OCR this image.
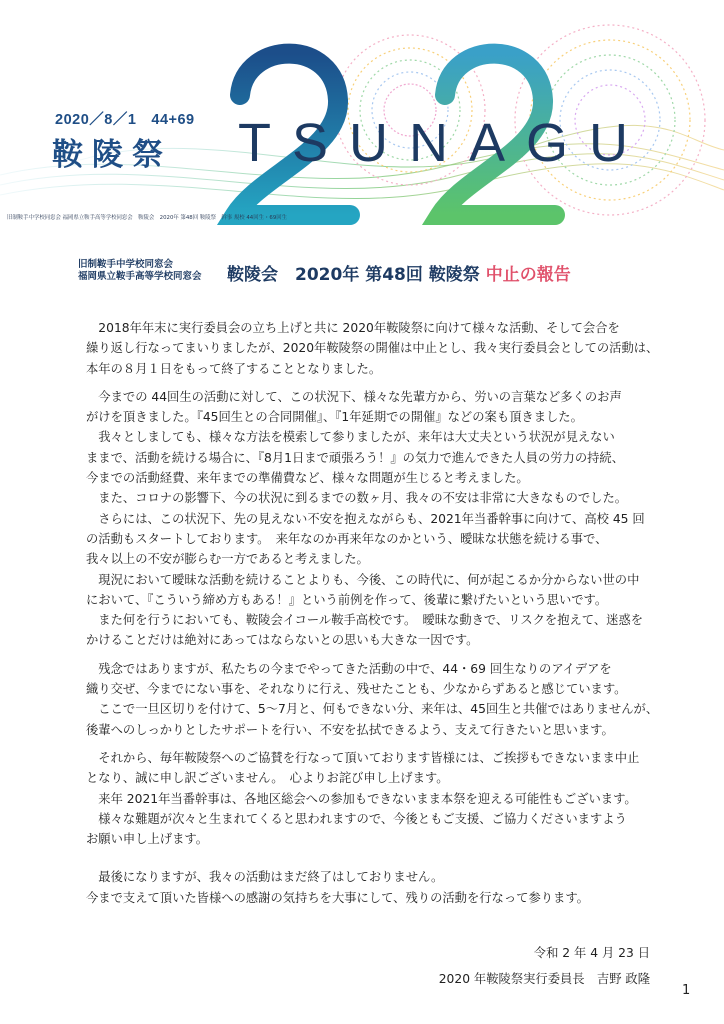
2020／8／1　44+69
鞍陵祭 TSUNAGU
旧制鞍手中学校同窓会 福岡県立鞍手高等学校同窓会　鞍陵会　2020年 第48回 鞍陵祭　幹事 規校 44回生・69回生
旧制鞍手中学校同窓会
福岡県立鞍手高等学校同窓会 鞍陵会　2020年 第48回 鞍陵祭 中止の報告

2018年年末に実行委員会の立ち上げと共に 2020年鞍陵祭に向けて様々な活動、そして会合を
繰り返し行なってまいりましたが、2020年鞍陵祭の開催は中止とし、我々実行委員会としての活動は、
本年の８月１日をもって終了することとなりました。

今までの 44回生の活動に対して、この状況下、様々な先輩方から、労いの言葉など多くのお声
がけを頂きました。『45回生との合同開催』、『1年延期での開催』などの案も頂きました。

我々としましても、様々な方法を模索して参りましたが、来年は大丈夫という状況が見えない
ままで、活動を続ける場合に、『8月1日まで頑張ろう！』の気力で進んできた人員の労力の持続、
今までの活動経費、来年までの準備費など、様々な問題が生じると考えました。

また、コロナの影響下、今の状況に到るまでの数ヶ月、我々の不安は非常に大きなものでした。

さらには、この状況下、先の見えない不安を抱えながらも、2021年当番幹事に向けて、高校 45 回
の活動もスタートしております。　来年なのか再来年なのかという、曖昧な状態を続ける事で、
我々以上の不安が膨らむ一方であると考えました。

現況において曖昧な活動を続けることよりも、今後、この時代に、何が起こるか分からない世の中
において、『こういう締め方もある！』という前例を作って、後輩に繋げたいという思いです。

また何を行うにおいても、鞍陵会イコール鞍手高校です。　曖昧な動きで、リスクを抱えて、迷惑を
かけることだけは絶対にあってはならないとの思いも大きな一因です。

残念ではありますが、私たちの今までやってきた活動の中で、44・69 回生なりのアイデアを
織り交ぜ、今までにない事を、それなりに行え、残せたことも、少なからずあると感じています。

ここで一旦区切りを付けて、5～7月と、何もできない分、来年は、45回生と共催ではありませんが、
後輩へのしっかりとしたサポートを行い、不安を払拭できるよう、支えて行きたいと思います。

それから、毎年鞍陵祭へのご協賛を行なって頂いております皆様には、ご挨拶もできないまま中止
となり、誠に申し訳ございません。　心よりお詫び申し上げます。

来年 2021年当番幹事は、各地区総会への参加もできないまま本祭を迎える可能性もございます。

様々な難題が次々と生まれてくると思われますので、今後ともご支援、ご協力くださいますよう
お願い申し上げます。

最後になりますが、我々の活動はまだ終了はしておりません。
今まで支えて頂いた皆様への感謝の気持ちを大事にして、残りの活動を行なって参ります。

令和 2 年 4 月 23 日
2020 年鞍陵祭実行委員長　吉野 政隆
1
